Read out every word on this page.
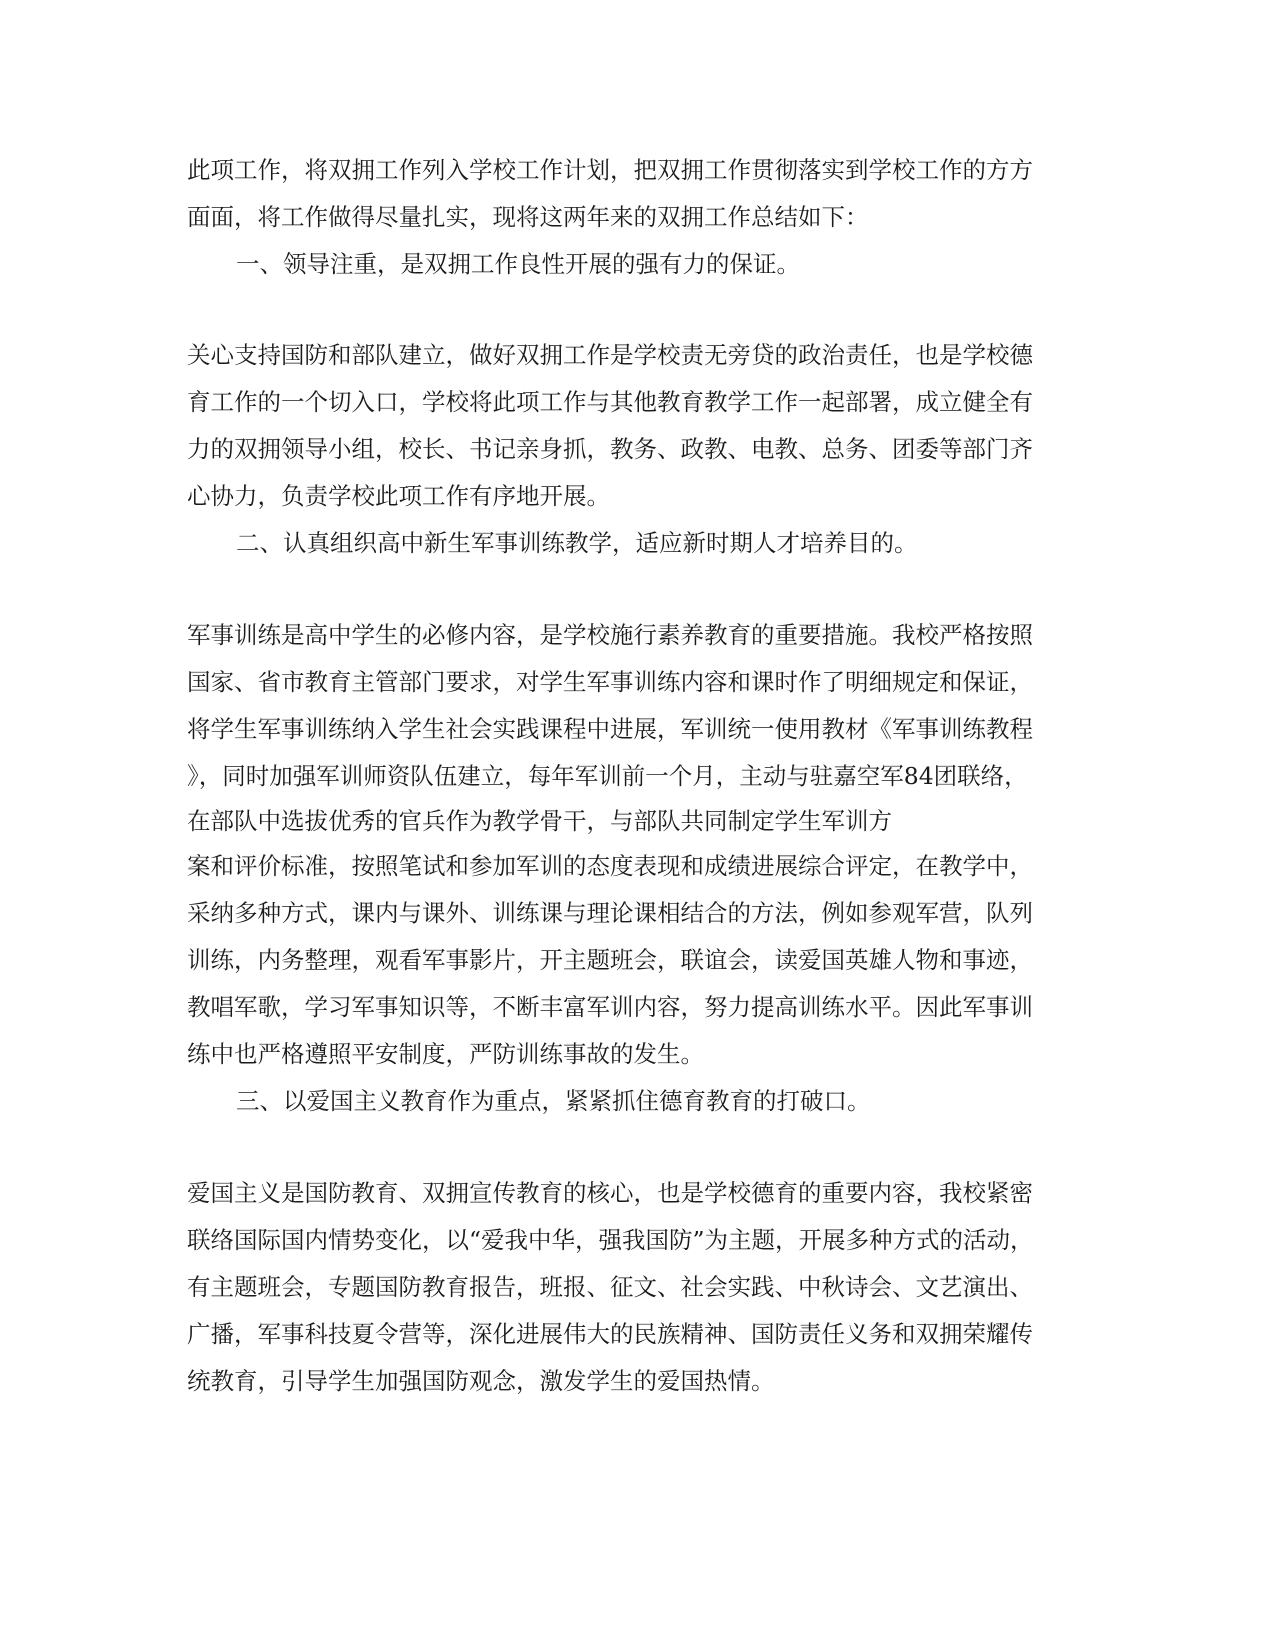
此项工作，将双拥工作列入学校工作计划，把双拥工作贯彻落实到学校工作的方方
面面，将工作做得尽量扎实，现将这两年来的双拥工作总结如下：
一、领导注重，是双拥工作良性开展的强有力的保证。
关心支持国防和部队建立，做好双拥工作是学校责无旁贷的政治责任，也是学校德
育工作的一个切入口，学校将此项工作与其他教育教学工作一起部署，成立健全有
力的双拥领导小组，校长、书记亲身抓，教务、政教、电教、总务、团委等部门齐
心协力，负责学校此项工作有序地开展。
二、认真组织高中新生军事训练教学，适应新时期人才培养目的。
军事训练是高中学生的必修内容，是学校施行素养教育的重要措施。我校严格按照
国家、省市教育主管部门要求，对学生军事训练内容和课时作了明细规定和保证，
将学生军事训练纳入学生社会实践课程中进展，军训统一使用教材《军事训练教程
》，同时加强军训师资队伍建立，每年军训前一个月，主动与驻嘉空军84团联络，
在部队中选拔优秀的官兵作为教学骨干，与部队共同制定学生军训方
案和评价标准，按照笔试和参加军训的态度表现和成绩进展综合评定，在教学中，
采纳多种方式，课内与课外、训练课与理论课相结合的方法，例如参观军营，队列
训练，内务整理，观看军事影片，开主题班会，联谊会，读爱国英雄人物和事迹，
教唱军歌，学习军事知识等，不断丰富军训内容，努力提高训练水平。因此军事训
练中也严格遵照平安制度，严防训练事故的发生。
三、以爱国主义教育作为重点，紧紧抓住德育教育的打破口。
爱国主义是国防教育、双拥宣传教育的核心，也是学校德育的重要内容，我校紧密
联络国际国内情势变化，以“爱我中华，强我国防”为主题，开展多种方式的活动，
有主题班会，专题国防教育报告，班报、征文、社会实践、中秋诗会、文艺演出、
广播，军事科技夏令营等，深化进展伟大的民族精神、国防责任义务和双拥荣耀传
统教育，引导学生加强国防观念，激发学生的爱国热情。
